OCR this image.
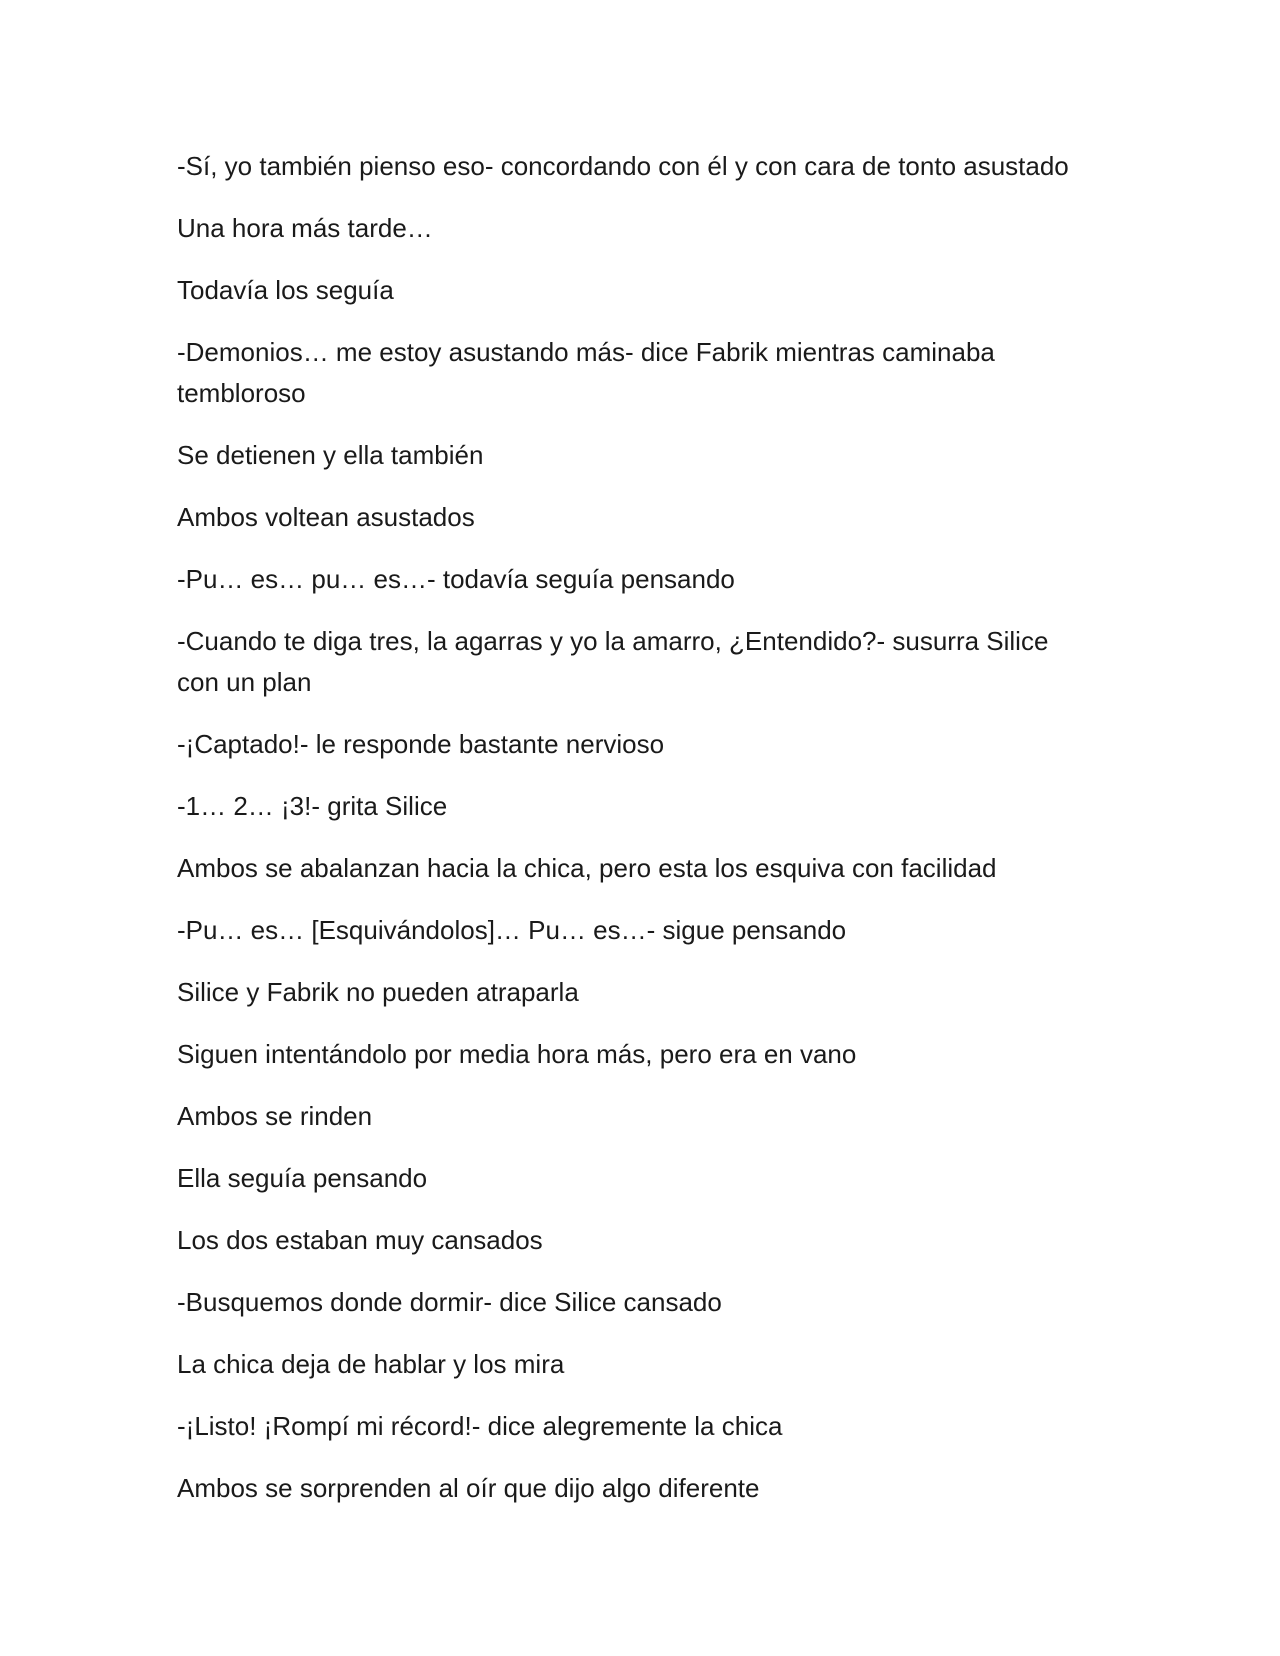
-Sí, yo también pienso eso- concordando con él y con cara de tonto asustado

Una hora más tarde…

Todavía los seguía

-Demonios… me estoy asustando más- dice Fabrik mientras caminaba tembloroso

Se detienen y ella también

Ambos voltean asustados

-Pu… es… pu… es…- todavía seguía pensando

-Cuando te diga tres, la agarras y yo la amarro, ¿Entendido?- susurra Silice con un plan

-¡Captado!- le responde bastante nervioso

-1… 2… ¡3!- grita Silice

Ambos se abalanzan hacia la chica, pero esta los esquiva con facilidad

-Pu… es… [Esquivándolos]… Pu… es…- sigue pensando

Silice y Fabrik no pueden atraparla

Siguen intentándolo por media hora más, pero era en vano

Ambos se rinden

Ella seguía pensando

Los dos estaban muy cansados

-Busquemos donde dormir- dice Silice cansado

La chica deja de hablar y los mira

-¡Listo! ¡Rompí mi récord!- dice alegremente la chica

Ambos se sorprenden al oír que dijo algo diferente
